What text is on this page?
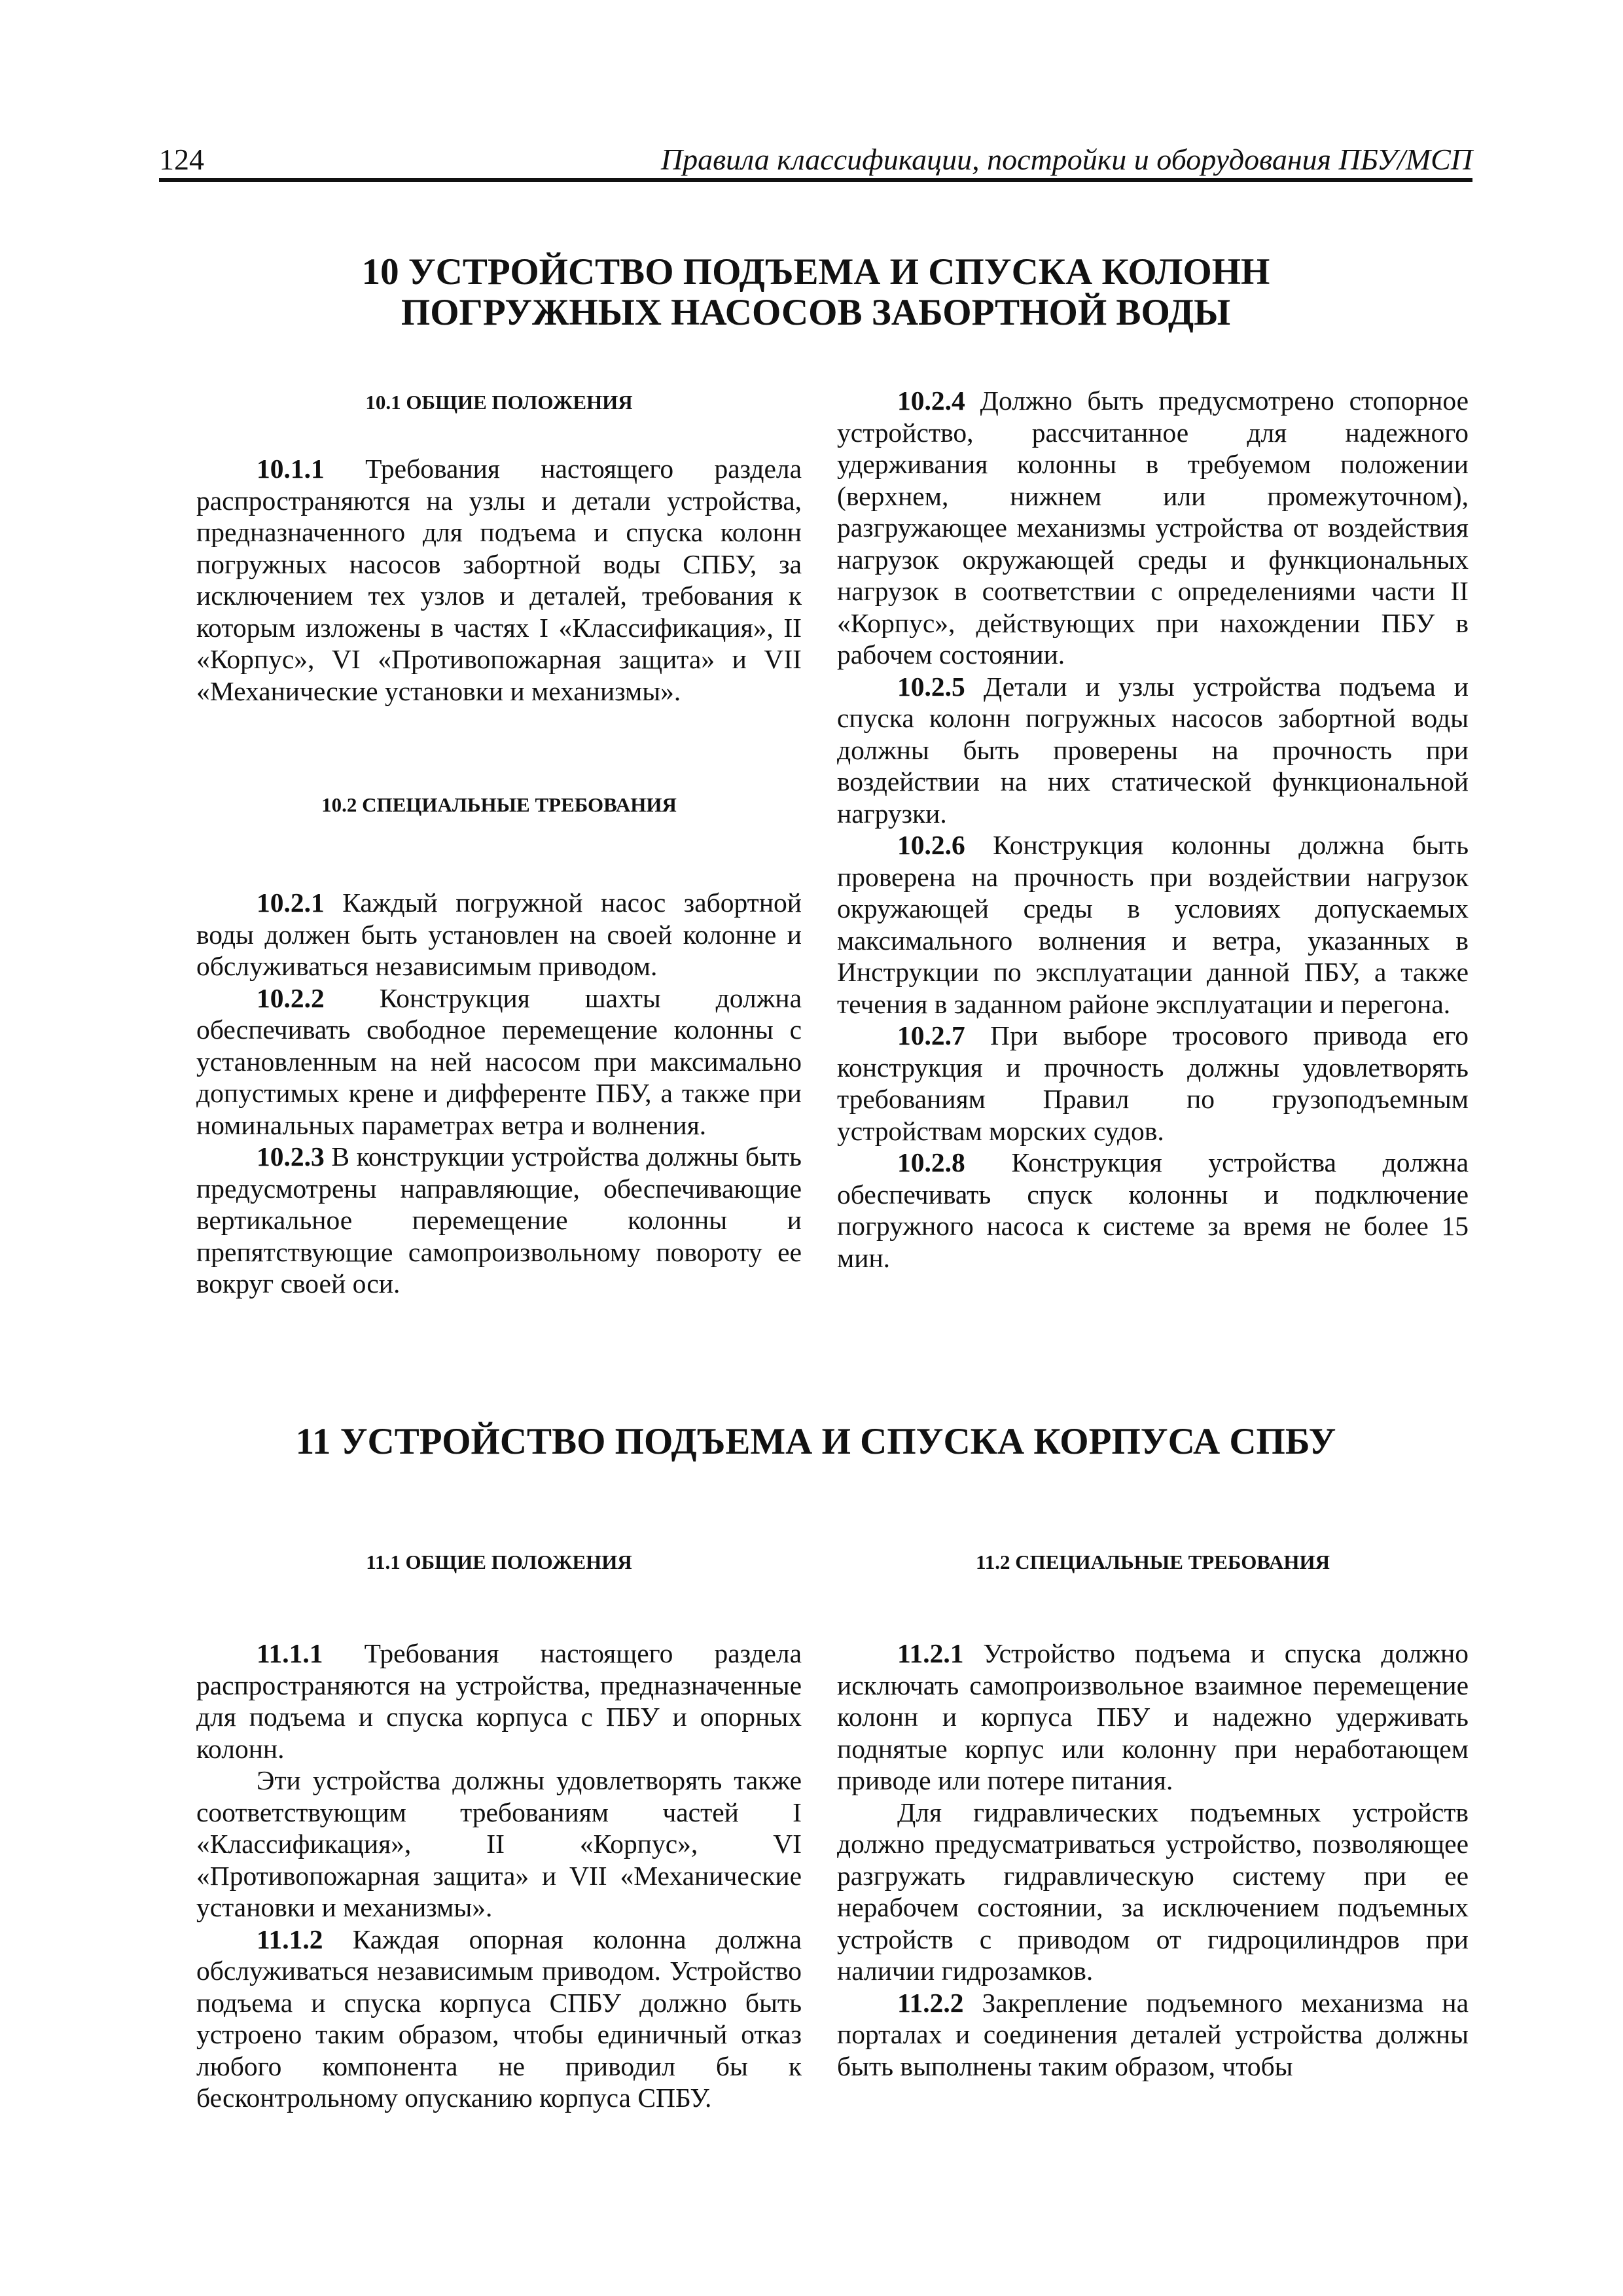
124	Правила классификации, постройки и оборудования ПБУ/МСП
10 УСТРОЙСТВО ПОДЪЕМА И СПУСКА КОЛОНН
ПОГРУЖНЫХ НАСОСОВ ЗАБОРТНОЙ ВОДЫ
10.1 ОБЩИЕ ПОЛОЖЕНИЯ

10.1.1 Требования настоящего раздела распространяются на узлы и детали устройства, предназначенного для подъема и спуска колонн погружных насосов забортной воды СПБУ, за исключением тех узлов и деталей, требования к которым изложены в частях I «Классификация», II «Корпус», VI «Противопожарная защита» и VII «Механические установки и механизмы».

10.2 СПЕЦИАЛЬНЫЕ ТРЕБОВАНИЯ

10.2.1 Каждый погружной насос забортной воды должен быть установлен на своей колонне и обслуживаться независимым приводом.

10.2.2 Конструкция шахты должна обеспечивать свободное перемещение колонны с установленным на ней насосом при максимально допустимых крене и дифференте ПБУ, а также при номинальных параметрах ветра и волнения.

10.2.3 В конструкции устройства должны быть предусмотрены направляющие, обеспечивающие вертикальное перемещение колонны и препятствующие самопроизвольному повороту ее вокруг своей оси.

10.2.4 Должно быть предусмотрено стопорное устройство, рассчитанное для надежного удерживания колонны в требуемом положении (верхнем, нижнем или промежуточном), разгружающее механизмы устройства от воздействия нагрузок окружающей среды и функциональных нагрузок в соответствии с определениями части II «Корпус», действующих при нахождении ПБУ в рабочем состоянии.

10.2.5 Детали и узлы устройства подъема и спуска колонн погружных насосов забортной воды должны быть проверены на прочность при воздействии на них статической функциональной нагрузки.

10.2.6 Конструкция колонны должна быть проверена на прочность при воздействии нагрузок окружающей среды в условиях допускаемых максимального волнения и ветра, указанных в Инструкции по эксплуатации данной ПБУ, а также течения в заданном районе эксплуатации и перегона.

10.2.7 При выборе тросового привода его конструкция и прочность должны удовлетворять требованиям Правил по грузоподъемным устройствам морских судов.

10.2.8 Конструкция устройства должна обеспечивать спуск колонны и подключение погружного насоса к системе за время не более 15 мин.

11 УСТРОЙСТВО ПОДЪЕМА И СПУСКА КОРПУСА СПБУ
11.1 ОБЩИЕ ПОЛОЖЕНИЯ

11.1.1 Требования настоящего раздела распространяются на устройства, предназначенные для подъема и спуска корпуса с ПБУ и опорных колонн.

Эти устройства должны удовлетворять также соответствующим требованиям частей I «Классификация», II «Корпус», VI «Противопожарная защита» и VII «Механические установки и механизмы».

11.1.2 Каждая опорная колонна должна обслуживаться независимым приводом. Устройство подъема и спуска корпуса СПБУ должно быть устроено таким образом, чтобы единичный отказ любого компонента не приводил бы к бесконтрольному опусканию корпуса СПБУ.

11.2 СПЕЦИАЛЬНЫЕ ТРЕБОВАНИЯ

11.2.1 Устройство подъема и спуска должно исключать самопроизвольное взаимное перемещение колонн и корпуса ПБУ и надежно удерживать поднятые корпус или колонну при неработающем приводе или потере питания.

Для гидравлических подъемных устройств должно предусматриваться устройство, позволяющее разгружать гидравлическую систему при ее нерабочем состоянии, за исключением подъемных устройств с приводом от гидроцилиндров при наличии гидрозамков.

11.2.2 Закрепление подъемного механизма на порталах и соединения деталей устройства должны быть выполнены таким образом, чтобы
